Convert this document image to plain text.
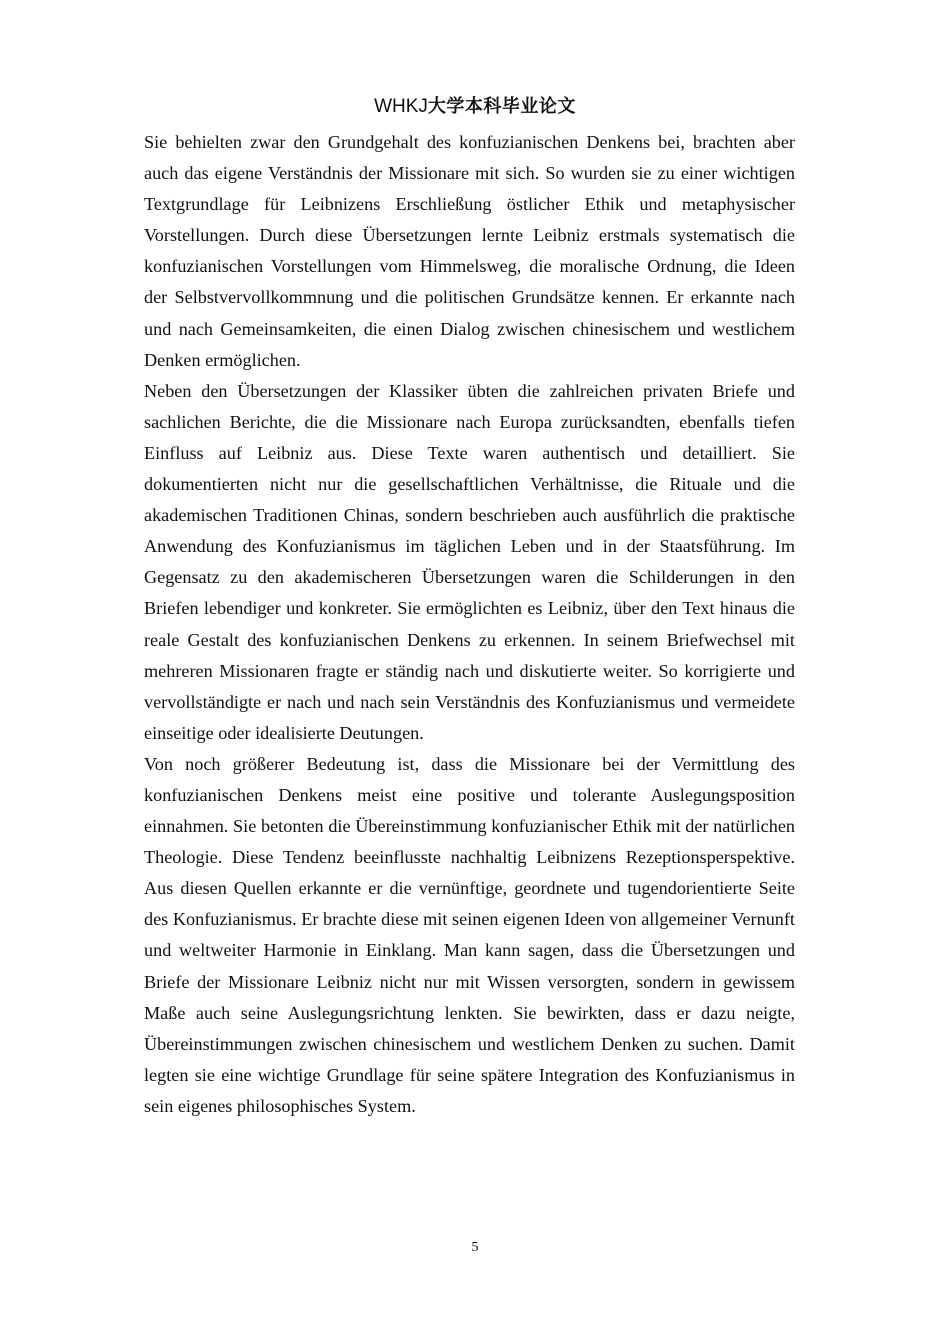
WHKJ大学本科毕业论文

Sie behielten zwar den Grundgehalt des konfuzianischen Denkens bei, brachten aber auch das eigene Verständnis der Missionare mit sich. So wurden sie zu einer wichtigen Textgrundlage für Leibnizens Erschließung östlicher Ethik und metaphysischer Vorstellungen. Durch diese Übersetzungen lernte Leibniz erstmals systematisch die konfuzianischen Vorstellungen vom Himmelsweg, die moralische Ordnung, die Ideen der Selbstvervollkommnung und die politischen Grundsätze kennen. Er erkannte nach und nach Gemeinsamkeiten, die einen Dialog zwischen chinesischem und westlichem Denken ermöglichen.

Neben den Übersetzungen der Klassiker übten die zahlreichen privaten Briefe und sachlichen Berichte, die die Missionare nach Europa zurücksandten, ebenfalls tiefen Einfluss auf Leibniz aus. Diese Texte waren authentisch und detailliert. Sie dokumentierten nicht nur die gesellschaftlichen Verhältnisse, die Rituale und die akademischen Traditionen Chinas, sondern beschrieben auch ausführlich die praktische Anwendung des Konfuzianismus im täglichen Leben und in der Staatsführung. Im Gegensatz zu den akademischeren Übersetzungen waren die Schilderungen in den Briefen lebendiger und konkreter. Sie ermöglichten es Leibniz, über den Text hinaus die reale Gestalt des konfuzianischen Denkens zu erkennen. In seinem Briefwechsel mit mehreren Missionaren fragte er ständig nach und diskutierte weiter. So korrigierte und vervollständigte er nach und nach sein Verständnis des Konfuzianismus und vermeidete einseitige oder idealisierte Deutungen.

Von noch größerer Bedeutung ist, dass die Missionare bei der Vermittlung des konfuzianischen Denkens meist eine positive und tolerante Auslegungsposition einnahmen. Sie betonten die Übereinstimmung konfuzianischer Ethik mit der natürlichen Theologie. Diese Tendenz beeinflusste nachhaltig Leibnizens Rezeptionsperspektive. Aus diesen Quellen erkannte er die vernünftige, geordnete und tugendorientierte Seite des Konfuzianismus. Er brachte diese mit seinen eigenen Ideen von allgemeiner Vernunft und weltweiter Harmonie in Einklang. Man kann sagen, dass die Übersetzungen und Briefe der Missionare Leibniz nicht nur mit Wissen versorgten, sondern in gewissem Maße auch seine Auslegungsrichtung lenkten. Sie bewirkten, dass er dazu neigte, Übereinstimmungen zwischen chinesischem und westlichem Denken zu suchen. Damit legten sie eine wichtige Grundlage für seine spätere Integration des Konfuzianismus in sein eigenes philosophisches System.

5
